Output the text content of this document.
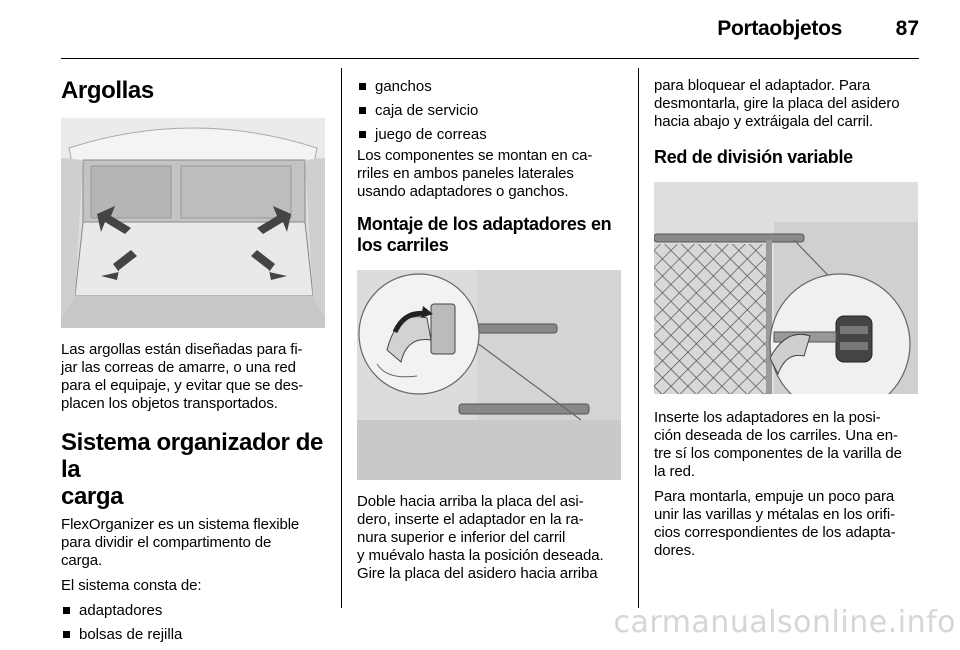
Portaobjetos	87
Argollas

Las argollas están diseñadas para fi-
jar las correas de amarre, o una red
para el equipaje, y evitar que se des-
placen los objetos transportados.

Sistema organizador de la
carga

FlexOrganizer es un sistema flexible
para dividir el compartimento de
carga.

El sistema consta de:

adaptadores
bolsas de rejilla
ganchos
caja de servicio
juego de correas

Los componentes se montan en ca-
rriles en ambos paneles laterales
usando adaptadores o ganchos.

Montaje de los adaptadores en
los carriles

Doble hacia arriba la placa del asi-
dero, inserte el adaptador en la ra-
nura superior e inferior del carril
y muévalo hasta la posición deseada.
Gire la placa del asidero hacia arriba

para bloquear el adaptador. Para
desmontarla, gire la placa del asidero
hacia abajo y extráigala del carril.

Red de división variable

Inserte los adaptadores en la posi-
ción deseada de los carriles. Una en-
tre sí los componentes de la varilla de
la red.

Para montarla, empuje un poco para
unir las varillas y métalas en los orifi-
cios correspondientes de los adapta-
dores.

carmanualsonline.info
